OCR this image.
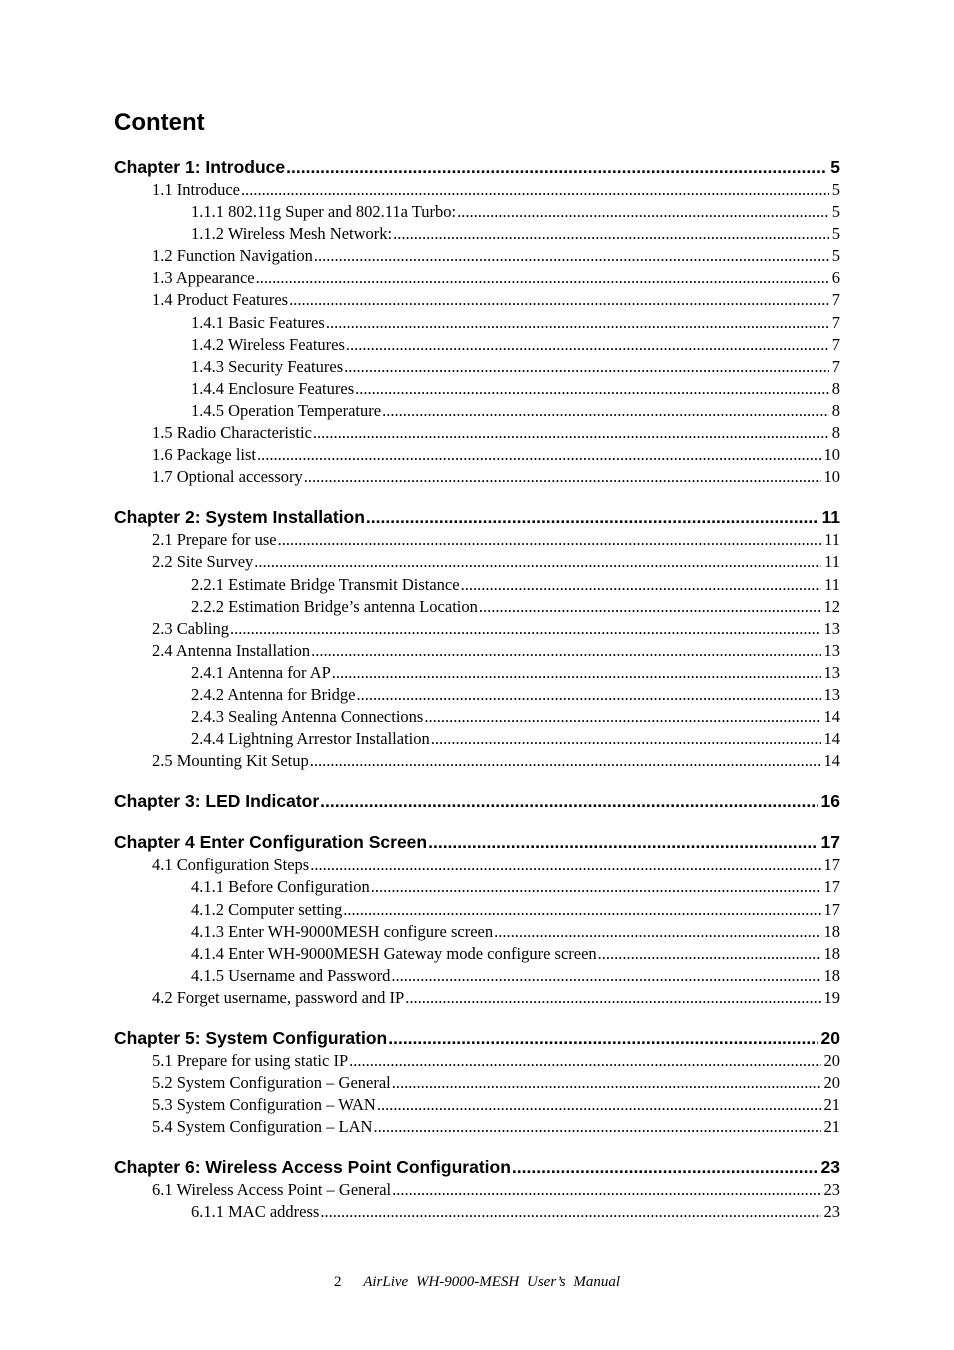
Content
Chapter 1: Introduce .....	5
1.1 Introduce .....	5
1.1.1 802.11g Super and 802.11a Turbo: .....	5
1.1.2 Wireless Mesh Network: .....	5
1.2 Function Navigation .....	5
1.3 Appearance .....	6
1.4 Product Features .....	7
1.4.1 Basic Features .....	7
1.4.2 Wireless Features .....	7
1.4.3 Security Features .....	7
1.4.4 Enclosure Features .....	8
1.4.5 Operation Temperature .....	8
1.5 Radio Characteristic .....	8
1.6 Package list .....	10
1.7 Optional accessory .....	10
Chapter 2: System Installation .....	11
2.1 Prepare for use .....	11
2.2 Site Survey .....	11
2.2.1 Estimate Bridge Transmit Distance .....	11
2.2.2 Estimation Bridge’s antenna Location .....	12
2.3 Cabling .....	13
2.4 Antenna Installation .....	13
2.4.1 Antenna for AP .....	13
2.4.2 Antenna for Bridge .....	13
2.4.3 Sealing Antenna Connections .....	14
2.4.4 Lightning Arrestor Installation .....	14
2.5 Mounting Kit Setup .....	14
Chapter 3: LED Indicator .....	16
Chapter 4 Enter Configuration Screen .....	17
4.1 Configuration Steps .....	17
4.1.1 Before Configuration .....	17
4.1.2 Computer setting .....	17
4.1.3 Enter WH-9000MESH configure screen .....	18
4.1.4 Enter WH-9000MESH Gateway mode configure screen .....	18
4.1.5 Username and Password .....	18
4.2 Forget username, password and IP .....	19
Chapter 5: System Configuration .....	20
5.1 Prepare for using static IP .....	20
5.2 System Configuration – General .....	20
5.3 System Configuration – WAN .....	21
5.4 System Configuration – LAN .....	21
Chapter 6: Wireless Access Point Configuration .....	23
6.1 Wireless Access Point – General .....	23
6.1.1 MAC address .....	23
2 AirLive WH-9000-MESH User’s Manual
